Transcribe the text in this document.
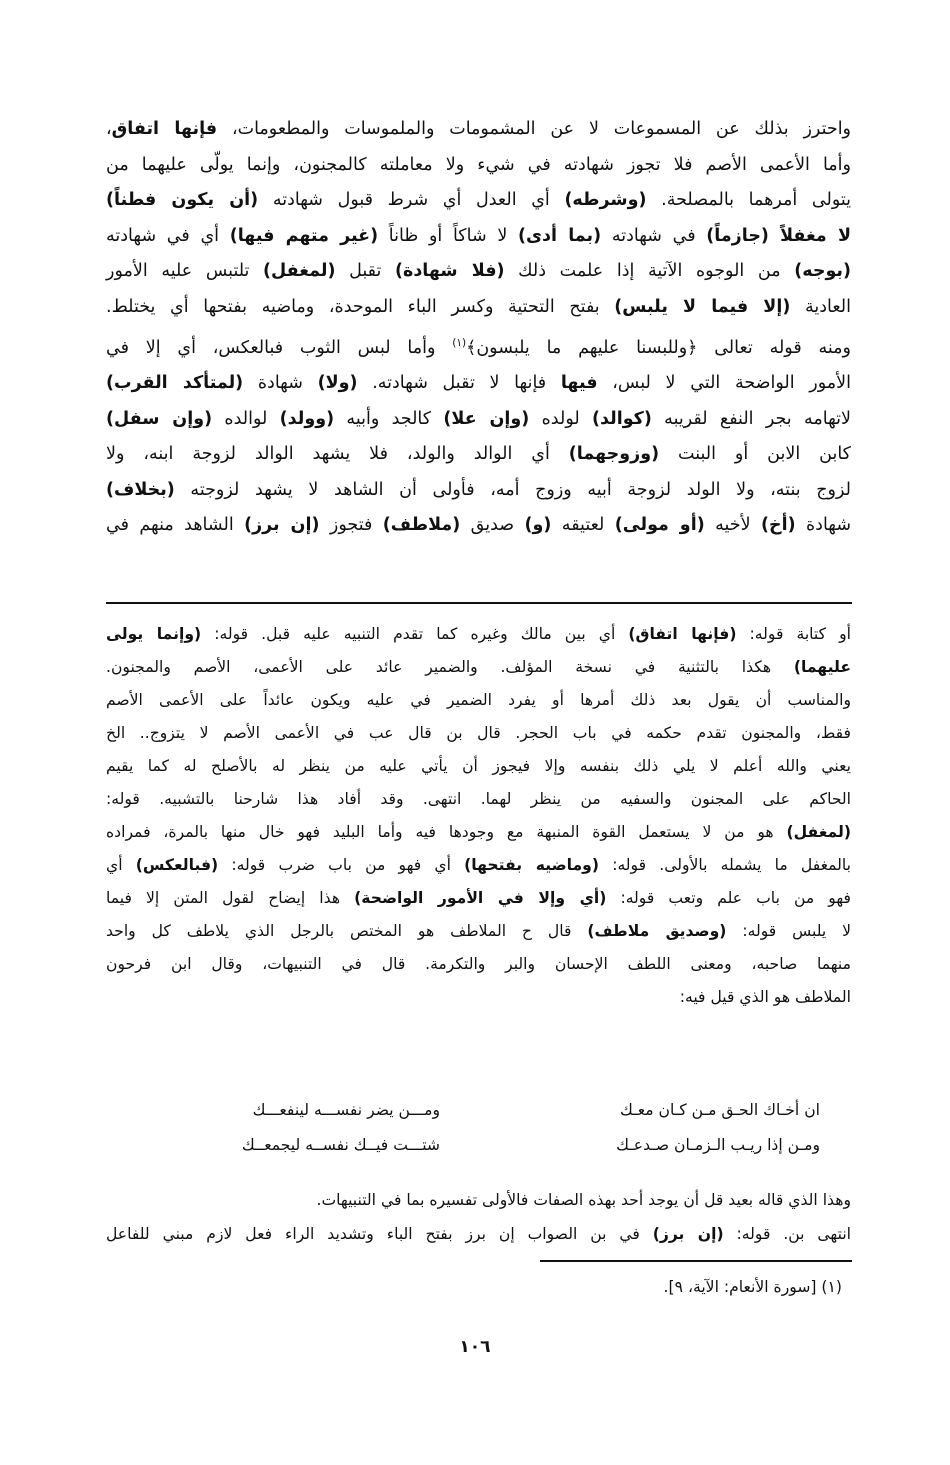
واحترز بذلك عن المسموعات لا عن المشمومات والملموسات والمطعومات، فإنها اتفاق،
وأما الأعمى الأصم فلا تجوز شهادته في شيء ولا معاملته كالمجنون، وإنما يولّى عليهما من
يتولى أمرهما بالمصلحة. (وشرطه) أي العدل أي شرط قبول شهادته (أن يكون فطناً)
لا مغفلاً (جازماً) في شهادته (بما أدى) لا شاكاً أو ظاناً (غير متهم فيها) أي في شهادته
(بوجه) من الوجوه الآتية إذا علمت ذلك (فلا شهادة) تقبل (لمغفل) تلتبس عليه الأمور
العادية (إلا فيما لا يلبس) بفتح التحتية وكسر الباء الموحدة، وماضيه بفتحها أي يختلط.
ومنه قوله تعالى ﴿وللبسنا عليهم ما يلبسون﴾$^{(١)}$ وأما لبس الثوب فبالعكس، أي إلا في
الأمور الواضحة التي لا لبس، فيها فإنها لا تقبل شهادته. (ولا) شهادة (لمتأكد القرب)
لاتهامه بجر النفع لقريبه (كوالد) لولده (وإن علا) كالجد وأبيه (وولد) لوالده (وإن سفل)
كابن الابن أو البنت (وزوجهما) أي الوالد والولد، فلا يشهد الوالد لزوجة ابنه، ولا
لزوج بنته، ولا الولد لزوجة أبيه وزوج أمه، فأولى أن الشاهد لا يشهد لزوجته (بخلاف)
شهادة (أخ) لأخيه (أو مولى) لعتيقه (و) صديق (ملاطف) فتجوز (إن برز) الشاهد منهم في
أو كتابة قوله: (فإنها اتفاق) أي بين مالك وغيره كما تقدم التنبيه عليه قبل. قوله: (وإنما يولى
عليهما) هكذا بالتثنية في نسخة المؤلف. والضمير عائد على الأعمى، الأصم والمجنون.
والمناسب أن يقول بعد ذلك أمرها أو يفرد الضمير في عليه ويكون عائداً على الأعمى الأصم
فقط، والمجنون تقدم حكمه في باب الحجر. قال بن قال عب في الأعمى الأصم لا يتزوج.. الخ
يعني والله أعلم لا يلي ذلك بنفسه وإلا فيجوز أن يأتي عليه من ينظر له بالأصلح له كما يقيم
الحاكم على المجنون والسفيه من ينظر لهما. انتهى. وقد أفاد هذا شارحنا بالتشبيه. قوله:
(لمغفل) هو من لا يستعمل القوة المنبهة مع وجودها فيه وأما البليد فهو خال منها بالمرة، فمراده
بالمغفل ما يشمله بالأولى. قوله: (وماضيه بفتحها) أي فهو من باب ضرب قوله: (فبالعكس) أي
فهو من باب علم وتعب قوله: (أي وإلا في الأمور الواضحة) هذا إيضاح لقول المتن إلا فيما
لا يلبس قوله: (وصديق ملاطف) قال ح الملاطف هو المختص بالرجل الذي يلاطف كل واحد
منهما صاحبه، ومعنى اللطف الإحسان والبر والتكرمة. قال في التنبيهات، وقال ابن فرحون
الملاطف هو الذي قيل فيه:
ان أخـاك الحـق مـن كـان معـك
ومـــن يضر نفســـه لينفعـــك
ومـن إذا ريـب الـزمـان صـدعـك
شتـــت فيــك نفســه ليجمعــك
وهذا الذي قاله بعيد قل أن يوجد أحد بهذه الصفات فالأولى تفسيره بما في التنبيهات.
انتهى بن. قوله: (إن برز) في بن الصواب إن برز بفتح الباء وتشديد الراء فعل لازم مبني للفاعل
(١) [سورة الأنعام: الآية، ٩].
١٠٦
